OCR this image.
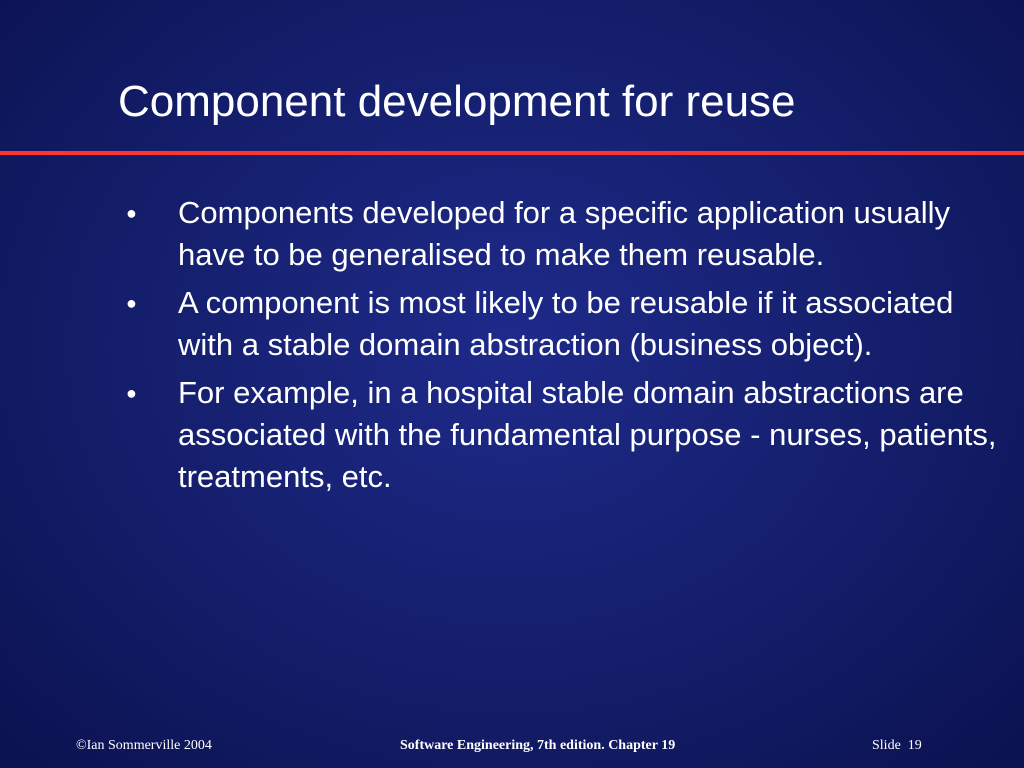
Component development for reuse
● Components developed for a specific application usually have to be generalised to make them reusable.
● A component is most likely to be reusable if it associated with a stable domain abstraction (business object).
● For example, in a hospital stable domain abstractions are associated with the fundamental purpose - nurses, patients, treatments, etc.
©Ian Sommerville 2004	Software Engineering, 7th edition. Chapter 19	Slide  19
